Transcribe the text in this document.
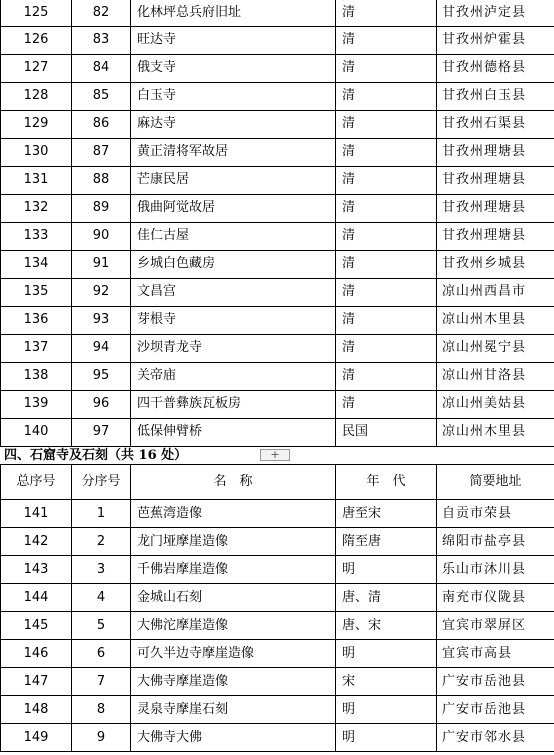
125	82	化林坪总兵府旧址	清	甘孜州泸定县
126	83	旺达寺	清	甘孜州炉霍县
127	84	俄支寺	清	甘孜州德格县
128	85	白玉寺	清	甘孜州白玉县
129	86	麻达寺	清	甘孜州石渠县
130	87	黄正清将军故居	清	甘孜州理塘县
131	88	芒康民居	清	甘孜州理塘县
132	89	俄曲阿觉故居	清	甘孜州理塘县
133	90	佳仁古屋	清	甘孜州理塘县
134	91	乡城白色藏房	清	甘孜州乡城县
135	92	文昌宫	清	凉山州西昌市
136	93	芽根寺	清	凉山州木里县
137	94	沙坝青龙寺	清	凉山州冕宁县
138	95	关帝庙	清	凉山州甘洛县
139	96	四干普彝族瓦板房	清	凉山州美姑县
140	97	低保伸臂桥	民国	凉山州木里县
四、石窟寺及石刻（共 16 处）	+
总序号	分序号	名　称	年　代	简要地址
141	1	芭蕉湾造像	唐至宋	自贡市荣县
142	2	龙门垭摩崖造像	隋至唐	绵阳市盐亭县
143	3	千佛岩摩崖造像	明	乐山市沐川县
144	4	金城山石刻	唐、清	南充市仪陇县
145	5	大佛沱摩崖造像	唐、宋	宜宾市翠屏区
146	6	可久半边寺摩崖造像	明	宜宾市高县
147	7	大佛寺摩崖造像	宋	广安市岳池县
148	8	灵泉寺摩崖石刻	明	广安市岳池县
149	9	大佛寺大佛	明	广安市邻水县
